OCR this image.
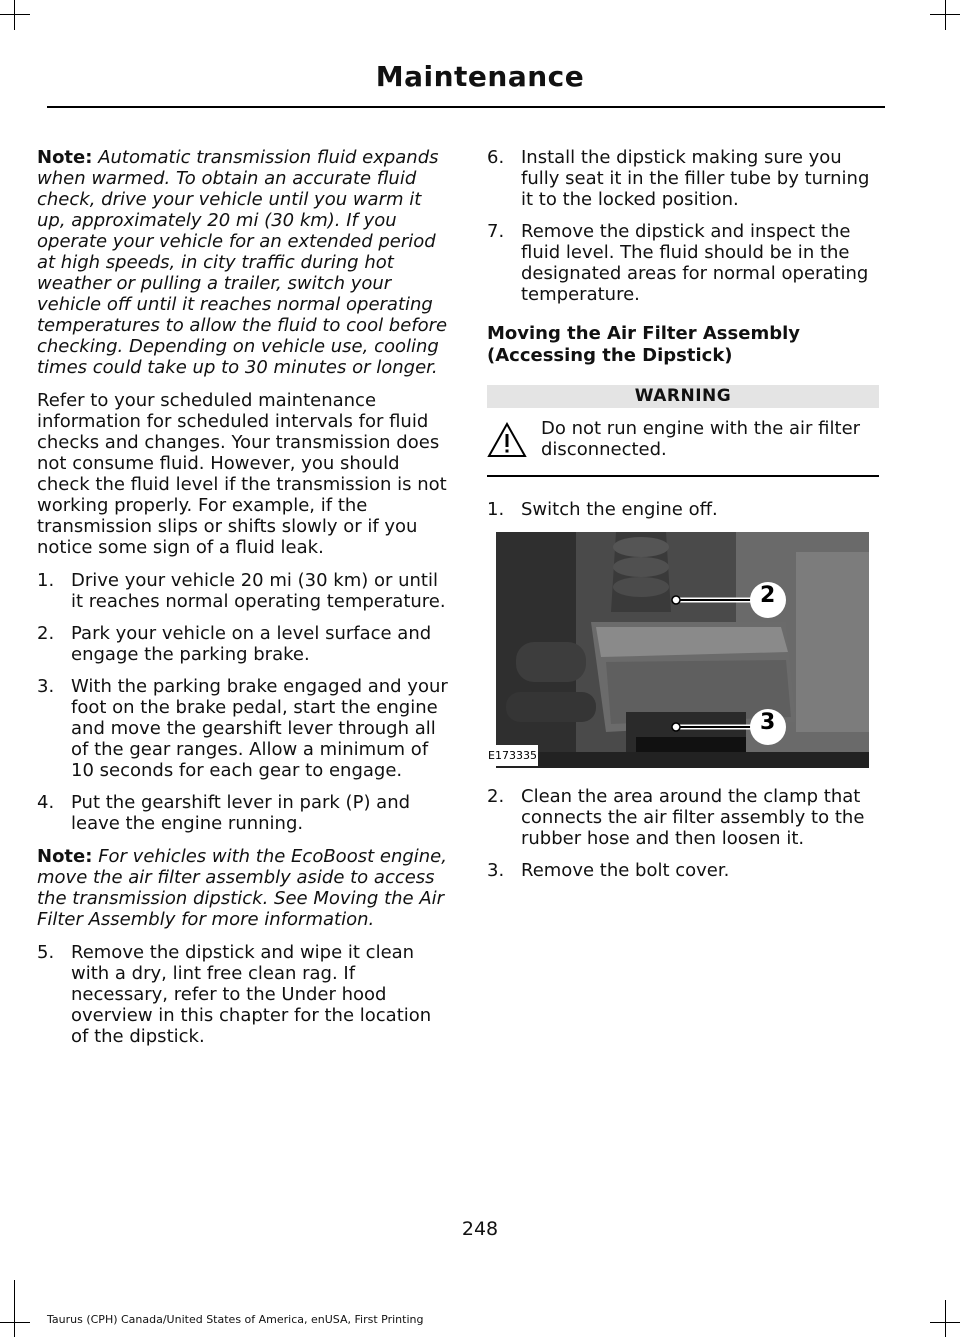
Maintenance

Note: Automatic transmission fluid expands when warmed. To obtain an accurate fluid check, drive your vehicle until you warm it up, approximately 20 mi (30 km). If you operate your vehicle for an extended period at high speeds, in city traffic during hot weather or pulling a trailer, switch your vehicle off until it reaches normal operating temperatures to allow the fluid to cool before checking. Depending on vehicle use, cooling times could take up to 30 minutes or longer.

Refer to your scheduled maintenance information for scheduled intervals for fluid checks and changes. Your transmission does not consume fluid. However, you should check the fluid level if the transmission is not working properly. For example, if the transmission slips or shifts slowly or if you notice some sign of a fluid leak.

1. Drive your vehicle 20 mi (30 km) or until it reaches normal operating temperature.
2. Park your vehicle on a level surface and engage the parking brake.
3. With the parking brake engaged and your foot on the brake pedal, start the engine and move the gearshift lever through all of the gear ranges. Allow a minimum of 10 seconds for each gear to engage.
4. Put the gearshift lever in park (P) and leave the engine running.

Note: For vehicles with the EcoBoost engine, move the air filter assembly aside to access the transmission dipstick. See Moving the Air Filter Assembly for more information.

5. Remove the dipstick and wipe it clean with a dry, lint free clean rag. If necessary, refer to the Under hood overview in this chapter for the location of the dipstick.
6. Install the dipstick making sure you fully seat it in the filler tube by turning it to the locked position.
7. Remove the dipstick and inspect the fluid level. The fluid should be in the designated areas for normal operating temperature.
Moving the Air Filter Assembly (Accessing the Dipstick)
WARNING
Do not run engine with the air filter disconnected.
1. Switch the engine off.
2
3
E173335
2. Clean the area around the clamp that connects the air filter assembly to the rubber hose and then loosen it.
3. Remove the bolt cover.
248
Taurus (CPH) Canada/United States of America, enUSA, First Printing
